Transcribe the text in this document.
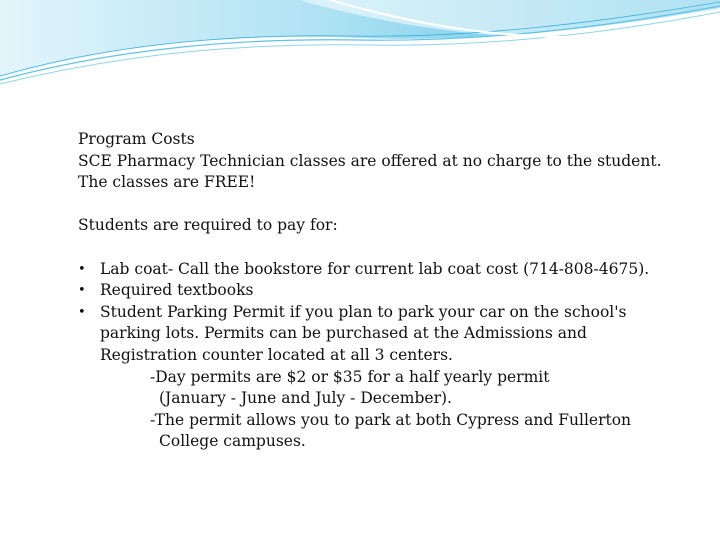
Program Costs
SCE Pharmacy Technician classes are offered at no charge to the student.
The classes are FREE!
Students are required to pay for:
• Lab coat- Call the bookstore for current lab coat cost (714-808-4675).
• Required textbooks
• Student Parking Permit if you plan to park your car on the school's parking lots. Permits can be purchased at the Admissions and Registration counter located at all 3 centers.
-Day permits are $2 or $35 for a half yearly permit
(January - June and July - December).
-The permit allows you to park at both Cypress and Fullerton
College campuses.
